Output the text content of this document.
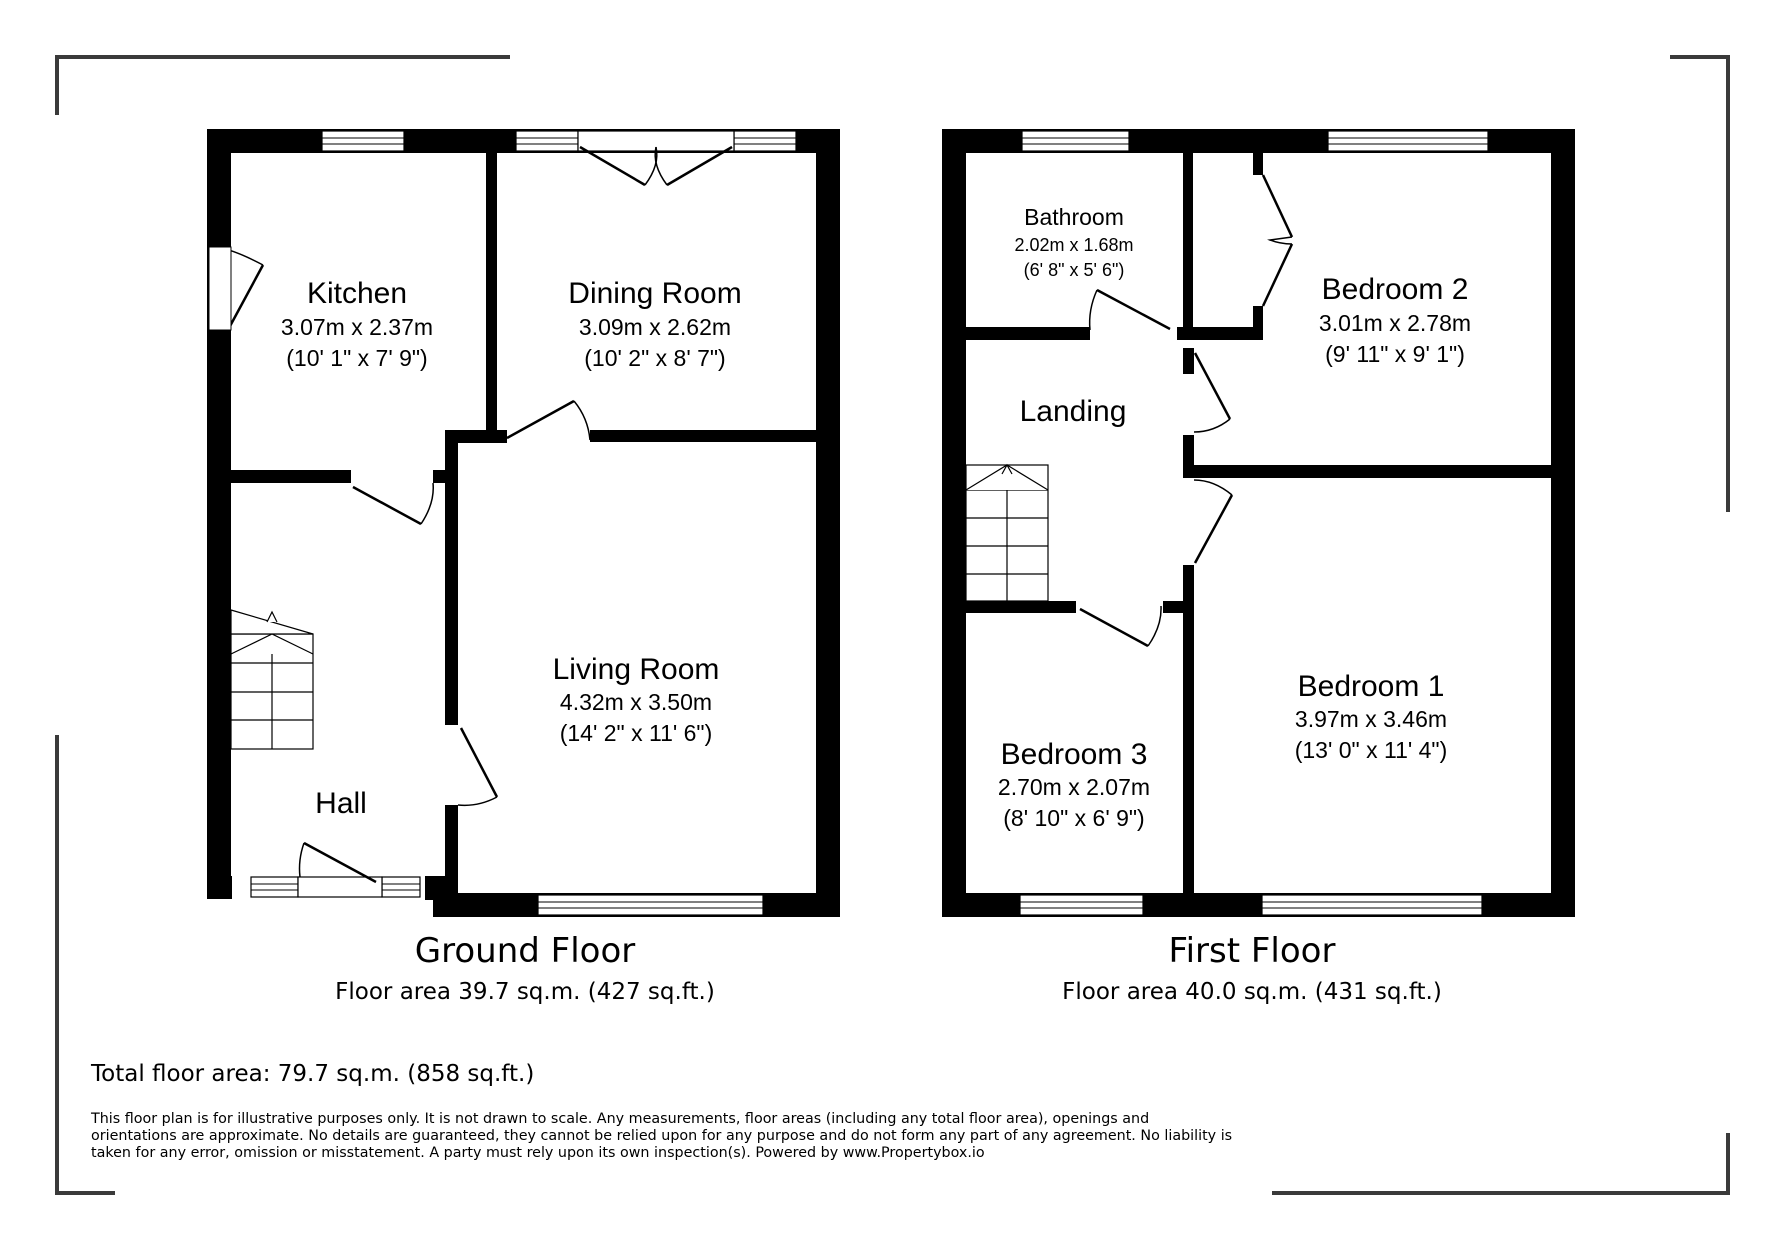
Kitchen
3.07m x 2.37m
(10' 1" x 7' 9")
Dining Room
3.09m x 2.62m
(10' 2" x 8' 7")
Living Room
4.32m x 3.50m
(14' 2" x 11' 6")
Hall
Ground Floor
Floor area 39.7 sq.m. (427 sq.ft.)
Bathroom
2.02m x 1.68m
(6' 8" x 5' 6")
Bedroom 2
3.01m x 2.78m
(9' 11" x 9' 1")
Landing
Bedroom 1
3.97m x 3.46m
(13' 0" x 11' 4")
Bedroom 3
2.70m x 2.07m
(8' 10" x 6' 9")
First Floor
Floor area 40.0 sq.m. (431 sq.ft.)
Total floor area: 79.7 sq.m. (858 sq.ft.)
This floor plan is for illustrative purposes only. It is not drawn to scale. Any measurements, floor areas (including any total floor area), openings and
orientations are approximate. No details are guaranteed, they cannot be relied upon for any purpose and do not form any part of any agreement. No liability is
taken for any error, omission or misstatement. A party must rely upon its own inspection(s). Powered by www.Propertybox.io
